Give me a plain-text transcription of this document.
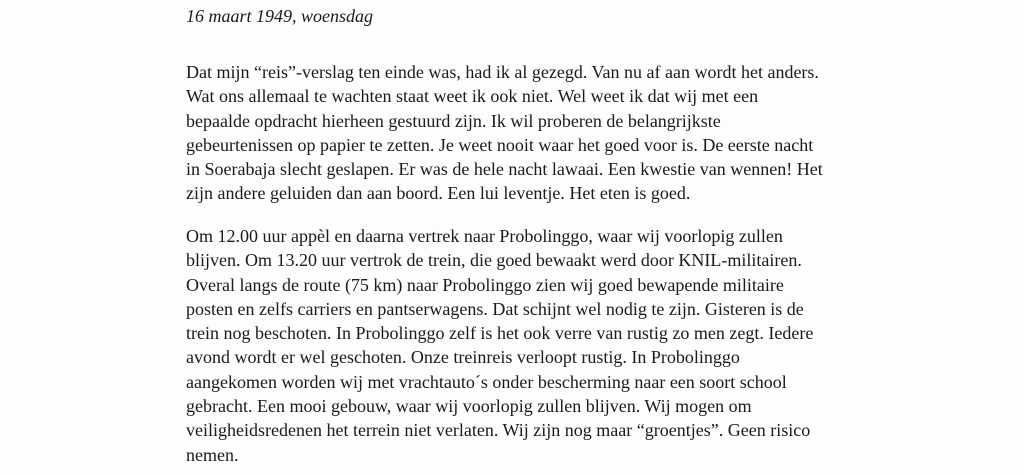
16 maart 1949, woensdag
Dat mijn “reis”-verslag ten einde was, had ik al gezegd. Van nu af aan wordt het anders.
Wat ons allemaal te wachten staat weet ik ook niet. Wel weet ik dat wij met een
bepaalde opdracht hierheen gestuurd zijn. Ik wil proberen de belangrijkste
gebeurtenissen op papier te zetten. Je weet nooit waar het goed voor is. De eerste nacht
in Soerabaja slecht geslapen. Er was de hele nacht lawaai. Een kwestie van wennen! Het
zijn andere geluiden dan aan boord. Een lui leventje. Het eten is goed.
Om 12.00 uur appèl en daarna vertrek naar Probolinggo, waar wij voorlopig zullen
blijven. Om 13.20 uur vertrok de trein, die goed bewaakt werd door KNIL-militairen.
Overal langs de route (75 km) naar Probolinggo zien wij goed bewapende militaire
posten en zelfs carriers en pantserwagens. Dat schijnt wel nodig te zijn. Gisteren is de
trein nog beschoten. In Probolinggo zelf is het ook verre van rustig zo men zegt. Iedere
avond wordt er wel geschoten. Onze treinreis verloopt rustig. In Probolinggo
aangekomen worden wij met vrachtauto´s onder bescherming naar een soort school
gebracht. Een mooi gebouw, waar wij voorlopig zullen blijven. Wij mogen om
veiligheidsredenen het terrein niet verlaten. Wij zijn nog maar “groentjes”. Geen risico
nemen.
